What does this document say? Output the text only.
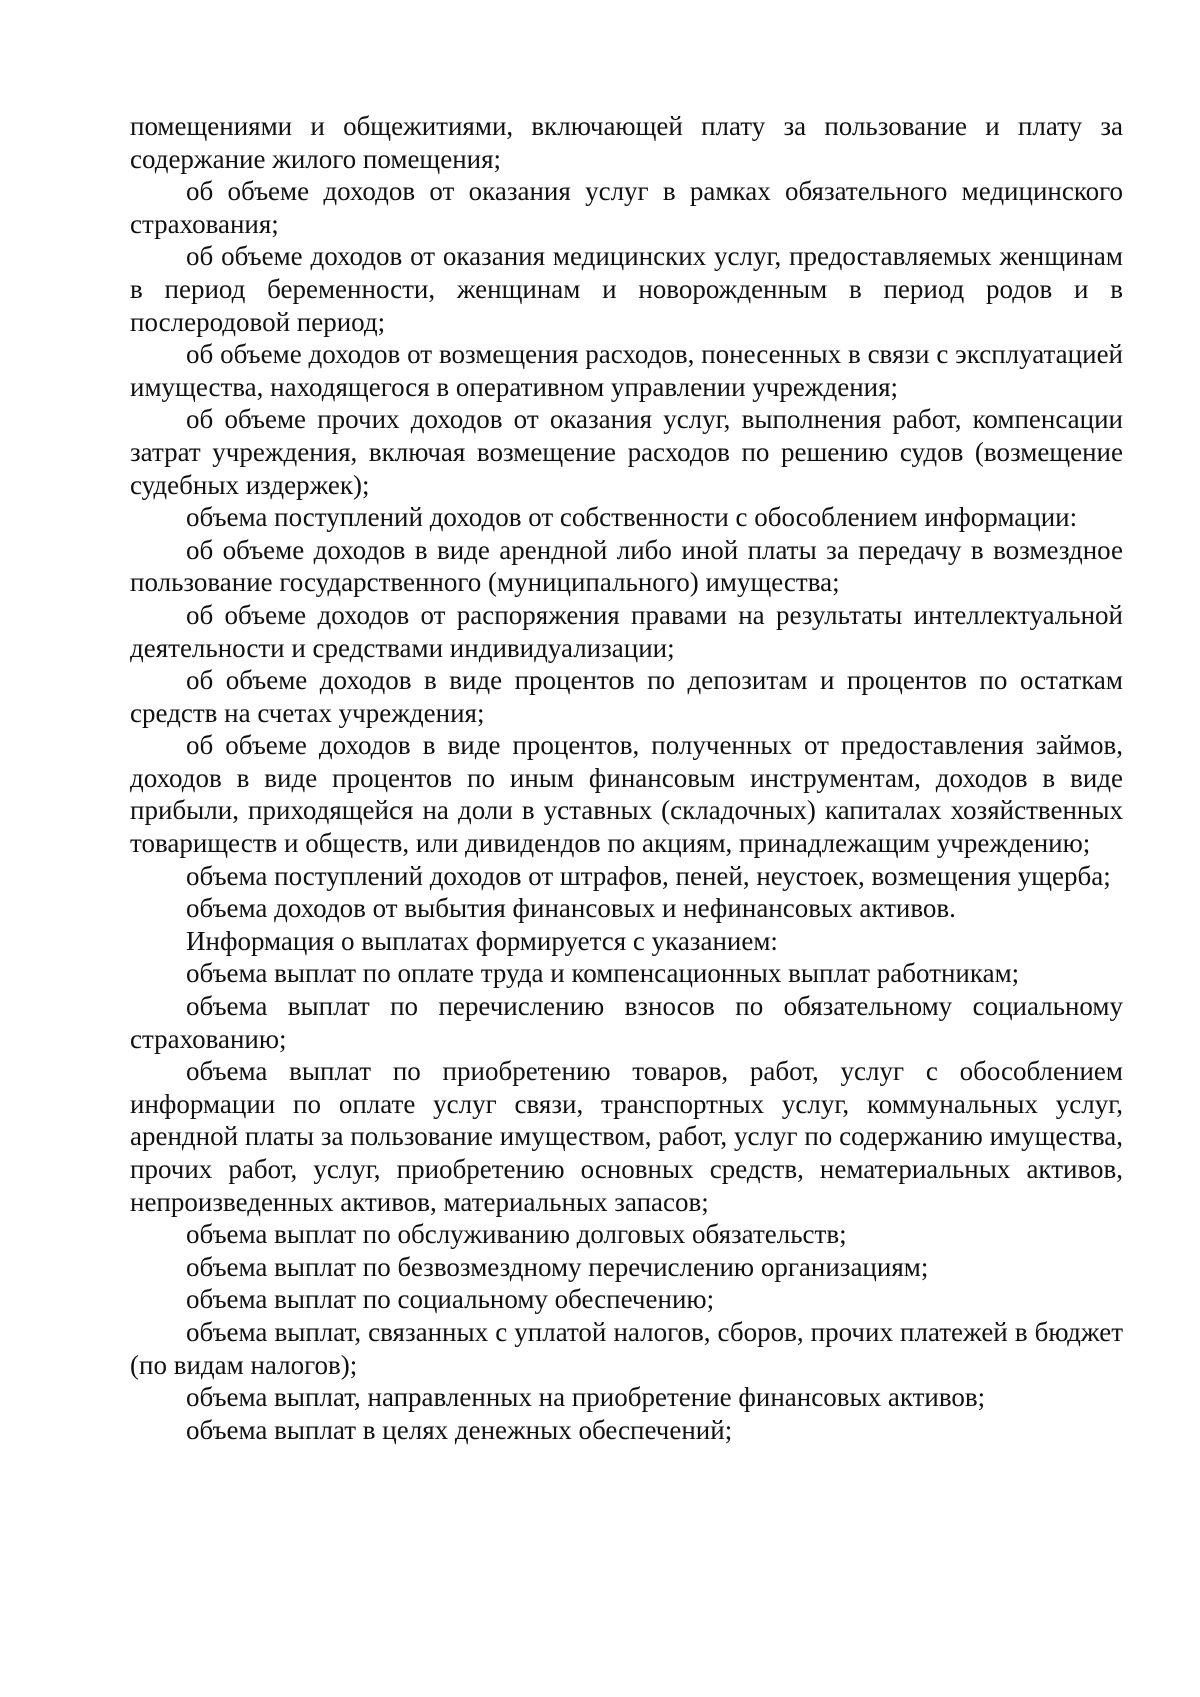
помещениями и общежитиями, включающей плату за пользование и плату за содержание жилого помещения;

об объеме доходов от оказания услуг в рамках обязательного медицинского страхования;

об объеме доходов от оказания медицинских услуг, предоставляемых женщинам в период беременности, женщинам и новорожденным в период родов и в послеродовой период;

об объеме доходов от возмещения расходов, понесенных в связи с эксплуатацией имущества, находящегося в оперативном управлении учреждения;

об объеме прочих доходов от оказания услуг, выполнения работ, компенсации затрат учреждения, включая возмещение расходов по решению судов (возмещение судебных издержек);

объема поступлений доходов от собственности с обособлением информации:

об объеме доходов в виде арендной либо иной платы за передачу в возмездное пользование государственного (муниципального) имущества;

об объеме доходов от распоряжения правами на результаты интеллектуальной деятельности и средствами индивидуализации;

об объеме доходов в виде процентов по депозитам и процентов по остаткам средств на счетах учреждения;

об объеме доходов в виде процентов, полученных от предоставления займов, доходов в виде процентов по иным финансовым инструментам, доходов в виде прибыли, приходящейся на доли в уставных (складочных) капиталах хозяйственных товариществ и обществ, или дивидендов по акциям, принадлежащим учреждению;

объема поступлений доходов от штрафов, пеней, неустоек, возмещения ущерба;

объема доходов от выбытия финансовых и нефинансовых активов.

Информация о выплатах формируется с указанием:

объема выплат по оплате труда и компенсационных выплат работникам;

объема выплат по перечислению взносов по обязательному социальному страхованию;

объема выплат по приобретению товаров, работ, услуг с обособлением информации по оплате услуг связи, транспортных услуг, коммунальных услуг, арендной платы за пользование имуществом, работ, услуг по содержанию имущества, прочих работ, услуг, приобретению основных средств, нематериальных активов, непроизведенных активов, материальных запасов;

объема выплат по обслуживанию долговых обязательств;

объема выплат по безвозмездному перечислению организациям;

объема выплат по социальному обеспечению;

объема выплат, связанных с уплатой налогов, сборов, прочих платежей в бюджет (по видам налогов);

объема выплат, направленных на приобретение финансовых активов;

объема выплат в целях денежных обеспечений;
